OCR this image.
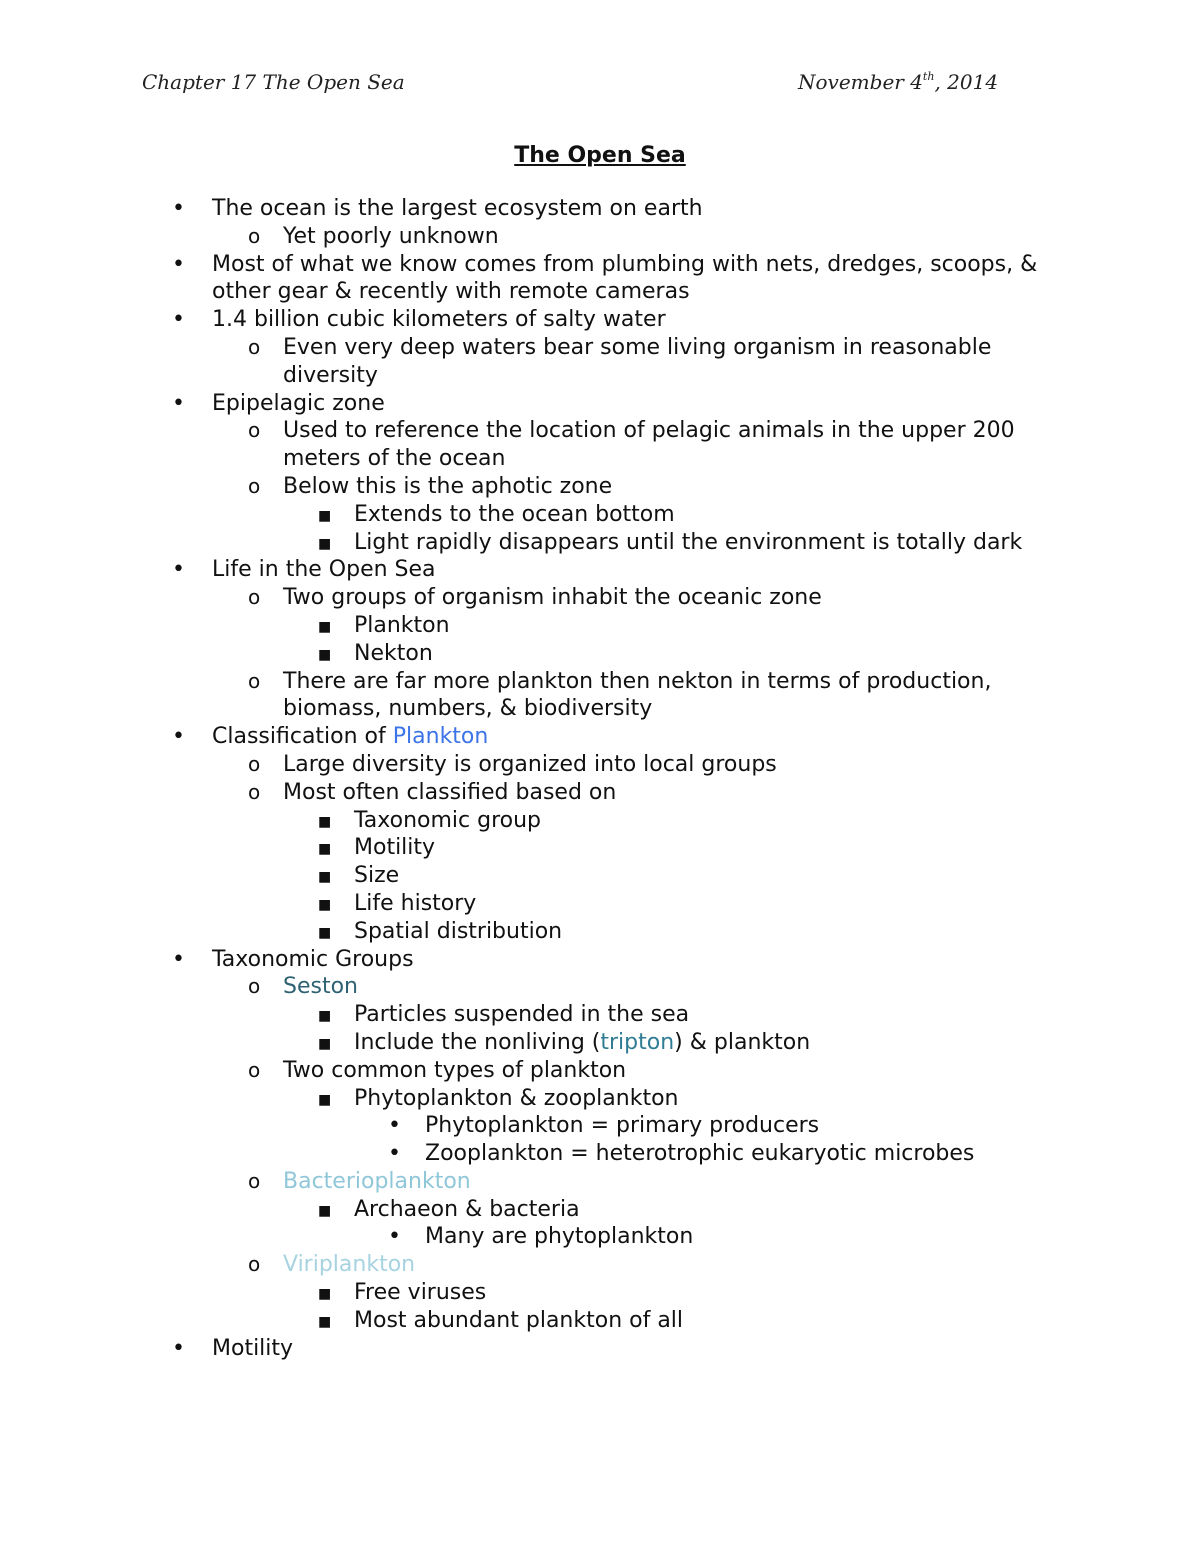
Chapter 17 The Open Sea	November 4th, 2014
The Open Sea
• The ocean is the largest ecosystem on earth
o Yet poorly unknown
• Most of what we know comes from plumbing with nets, dredges, scoops, & other gear & recently with remote cameras
• 1.4 billion cubic kilometers of salty water
o Even very deep waters bear some living organism in reasonable diversity
• Epipelagic zone
o Used to reference the location of pelagic animals in the upper 200 meters of the ocean
o Below this is the aphotic zone
■ Extends to the ocean bottom
■ Light rapidly disappears until the environment is totally dark
• Life in the Open Sea
o Two groups of organism inhabit the oceanic zone
■ Plankton
■ Nekton
o There are far more plankton then nekton in terms of production, biomass, numbers, & biodiversity
• Classification of Plankton
o Large diversity is organized into local groups
o Most often classified based on
■ Taxonomic group
■ Motility
■ Size
■ Life history
■ Spatial distribution
• Taxonomic Groups
o Seston
■ Particles suspended in the sea
■ Include the nonliving (tripton) & plankton
o Two common types of plankton
■ Phytoplankton & zooplankton
• Phytoplankton = primary producers
• Zooplankton = heterotrophic eukaryotic microbes
o Bacterioplankton
■ Archaeon & bacteria
• Many are phytoplankton
o Viriplankton
■ Free viruses
■ Most abundant plankton of all
• Motility
